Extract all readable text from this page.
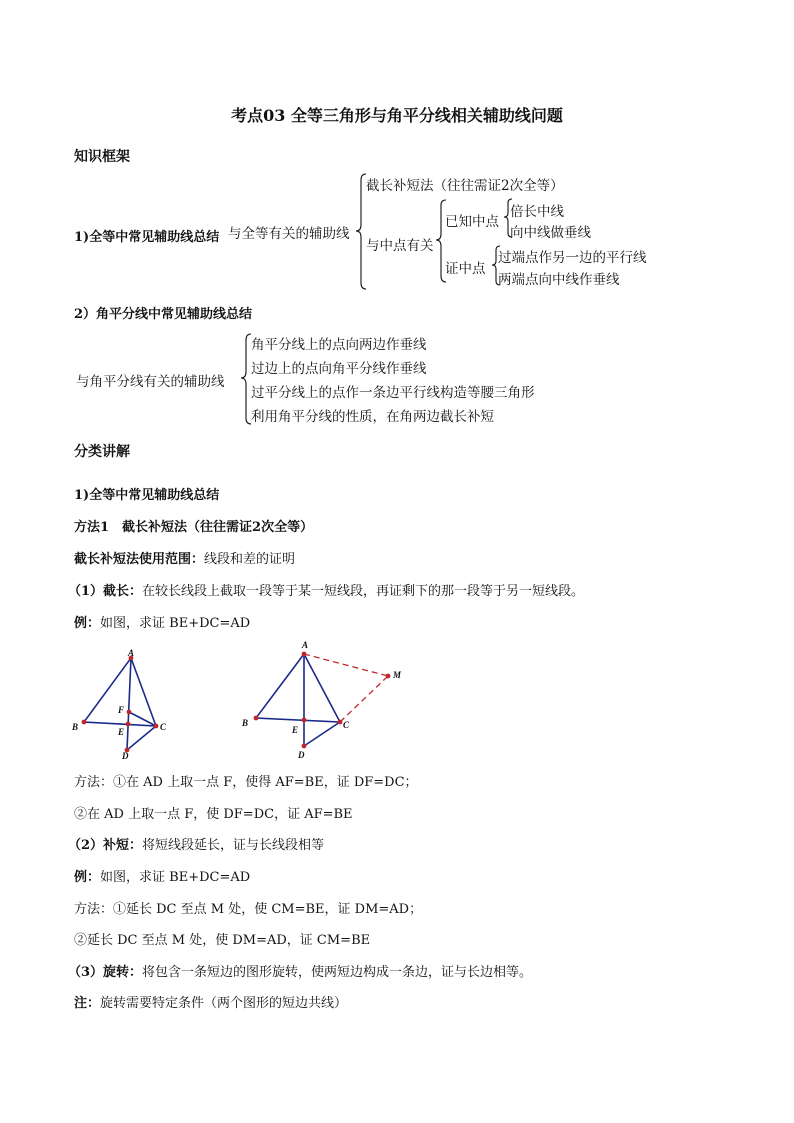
考点03 全等三角形与角平分线相关辅助线问题
知识框架
1)全等中常见辅助线总结 与全等有关的辅助线
截长补短法（往往需证2次全等）
与中点有关
已知中点
倍长中线
向中线做垂线
证中点
过端点作另一边的平行线
两端点向中线作垂线
2）角平分线中常见辅助线总结
与角平分线有关的辅助线
角平分线上的点向两边作垂线
过边上的点向角平分线作垂线
过平分线上的点作一条边平行线构造等腰三角形
利用角平分线的性质，在角两边截长补短
分类讲解
1)全等中常见辅助线总结
方法1　截长补短法（往往需证2次全等）
截长补短法使用范围：线段和差的证明
（1）截长：在较长线段上截取一段等于某一短线段，再证剩下的那一段等于另一短线段。
例：如图，求证 BE+DC=AD
A
B	C
D
E
F
A
B	C
D
E
M
方法：①在 AD 上取一点 F，使得 AF=BE，证 DF=DC；
②在 AD 上取一点 F，使 DF=DC，证 AF=BE
（2）补短：将短线段延长，证与长线段相等
例：如图，求证 BE+DC=AD
方法：①延长 DC 至点 M 处，使 CM=BE，证 DM=AD；
②延长 DC 至点 M 处，使 DM=AD，证 CM=BE
（3）旋转：将包含一条短边的图形旋转，使两短边构成一条边，证与长边相等。
注：旋转需要特定条件（两个图形的短边共线）
